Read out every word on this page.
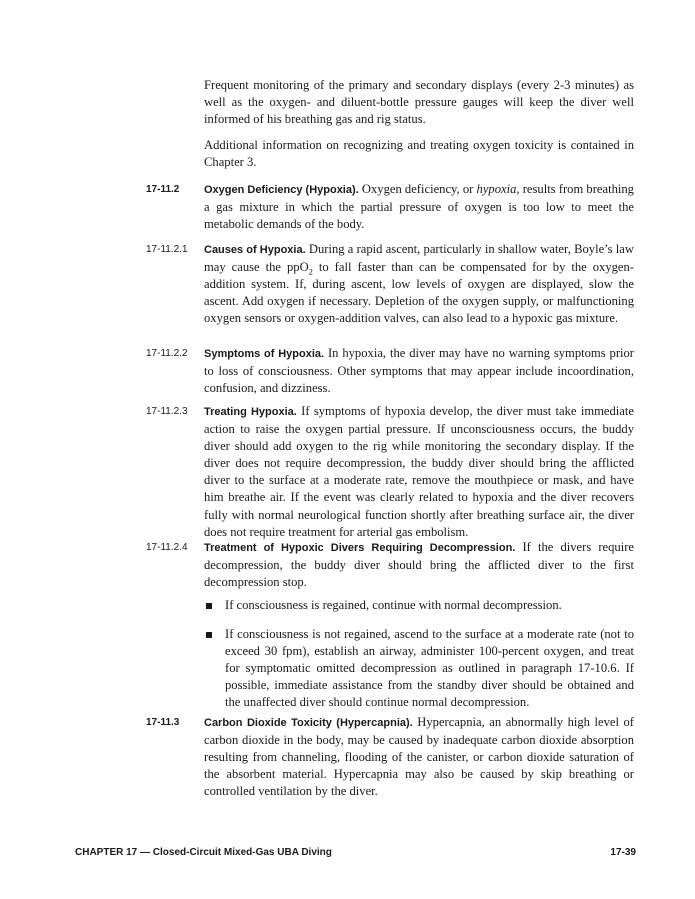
Frequent monitoring of the primary and secondary displays (every 2-3 minutes) as well as the oxygen- and diluent-bottle pressure gauges will keep the diver well informed of his breathing gas and rig status.

Additional information on recognizing and treating oxygen toxicity is contained in Chapter 3.

17-11.2 Oxygen Deficiency (Hypoxia). Oxygen deficiency, or hypoxia, results from breathing a gas mixture in which the partial pressure of oxygen is too low to meet the metabolic demands of the body.

17-11.2.1 Causes of Hypoxia. During a rapid ascent, particularly in shallow water, Boyle’s law may cause the ppO$_2$ to fall faster than can be compensated for by the oxygen-addition system. If, during ascent, low levels of oxygen are displayed, slow the ascent. Add oxygen if necessary. Depletion of the oxygen supply, or malfunctioning oxygen sensors or oxygen-addition valves, can also lead to a hypoxic gas mixture.

17-11.2.2 Symptoms of Hypoxia. In hypoxia, the diver may have no warning symptoms prior to loss of consciousness. Other symptoms that may appear include incoordination, confusion, and dizziness.

17-11.2.3 Treating Hypoxia. If symptoms of hypoxia develop, the diver must take immediate action to raise the oxygen partial pressure. If unconsciousness occurs, the buddy diver should add oxygen to the rig while monitoring the secondary display. If the diver does not require decompression, the buddy diver should bring the afflicted diver to the surface at a moderate rate, remove the mouthpiece or mask, and have him breathe air. If the event was clearly related to hypoxia and the diver recovers fully with normal neurological function shortly after breathing surface air, the diver does not require treatment for arterial gas embolism.

17-11.2.4 Treatment of Hypoxic Divers Requiring Decompression. If the divers require decompression, the buddy diver should bring the afflicted diver to the first decompression stop.

If consciousness is regained, continue with normal decompression.

If consciousness is not regained, ascend to the surface at a moderate rate (not to exceed 30 fpm), establish an airway, administer 100-percent oxygen, and treat for symptomatic omitted decompression as outlined in paragraph 17-10.6. If possible, immediate assistance from the standby diver should be obtained and the unaffected diver should continue normal decompression.

17-11.3 Carbon Dioxide Toxicity (Hypercapnia). Hypercapnia, an abnormally high level of carbon dioxide in the body, may be caused by inadequate carbon dioxide absorption resulting from channeling, flooding of the canister, or carbon dioxide saturation of the absorbent material. Hypercapnia may also be caused by skip breathing or controlled ventilation by the diver.

CHAPTER 17 — Closed-Circuit Mixed-Gas UBA Diving	17-39
